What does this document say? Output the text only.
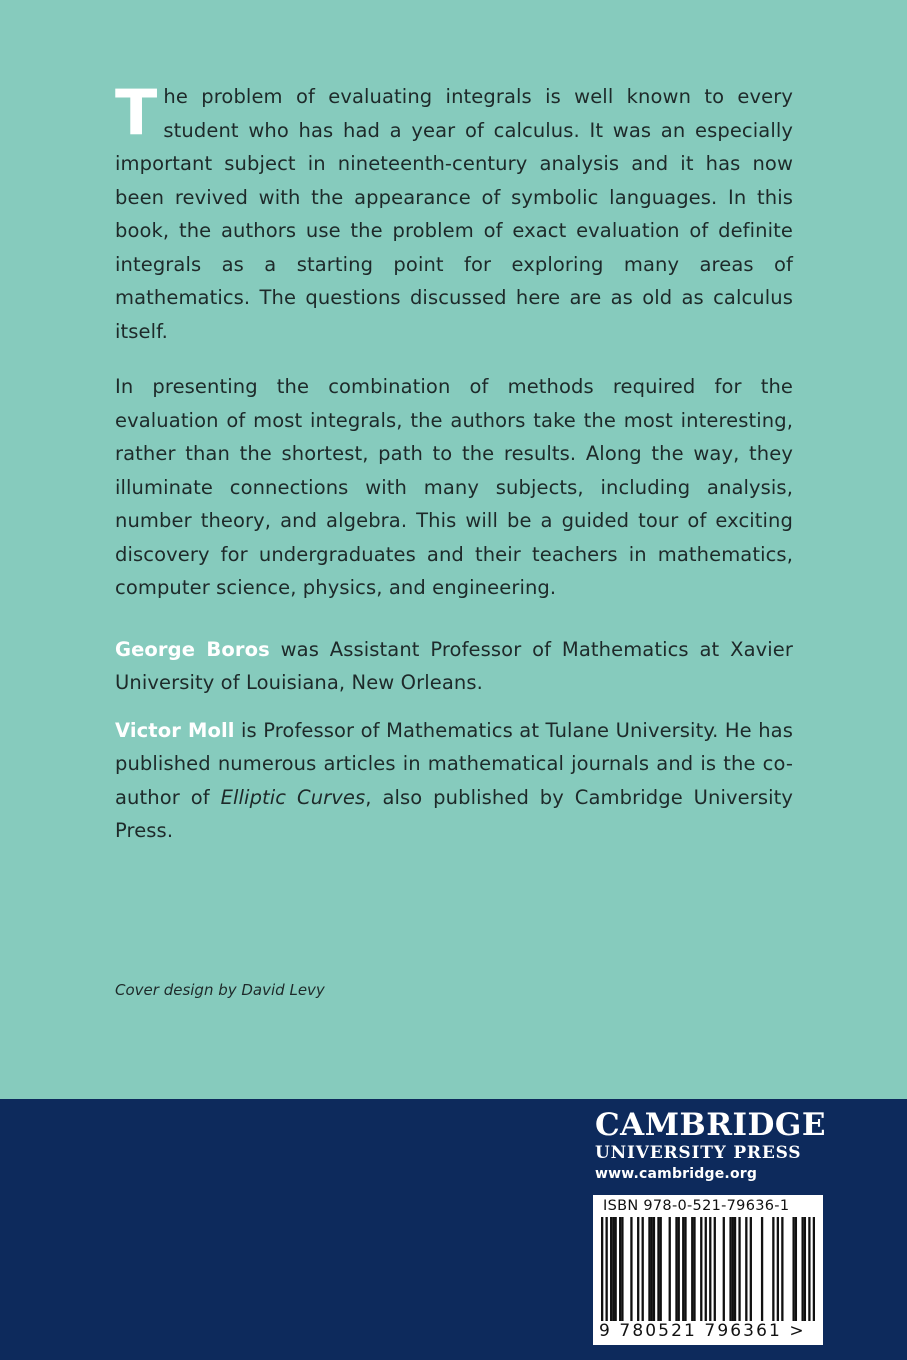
The problem of evaluating integrals is well known to every student who has had a year of calculus. It was an especially important subject in nineteenth-century analysis and it has now been revived with the appearance of symbolic languages. In this book, the authors use the problem of exact evaluation of definite integrals as a starting point for exploring many areas of mathematics. The questions discussed here are as old as calculus itself.

In presenting the combination of methods required for the evaluation of most integrals, the authors take the most interesting, rather than the shortest, path to the results. Along the way, they illuminate connections with many subjects, including analysis, number theory, and algebra. This will be a guided tour of exciting discovery for undergraduates and their teachers in mathematics, computer science, physics, and engineering.

George Boros was Assistant Professor of Mathematics at Xavier University of Louisiana, New Orleans.

Victor Moll is Professor of Mathematics at Tulane University. He has published numerous articles in mathematical journals and is the co-author of Elliptic Curves, also published by Cambridge University Press.

Cover design by David Levy
CAMBRIDGE
UNIVERSITY PRESS
www.cambridge.org
ISBN 978-0-521-79636-1
9 780521 796361 >
